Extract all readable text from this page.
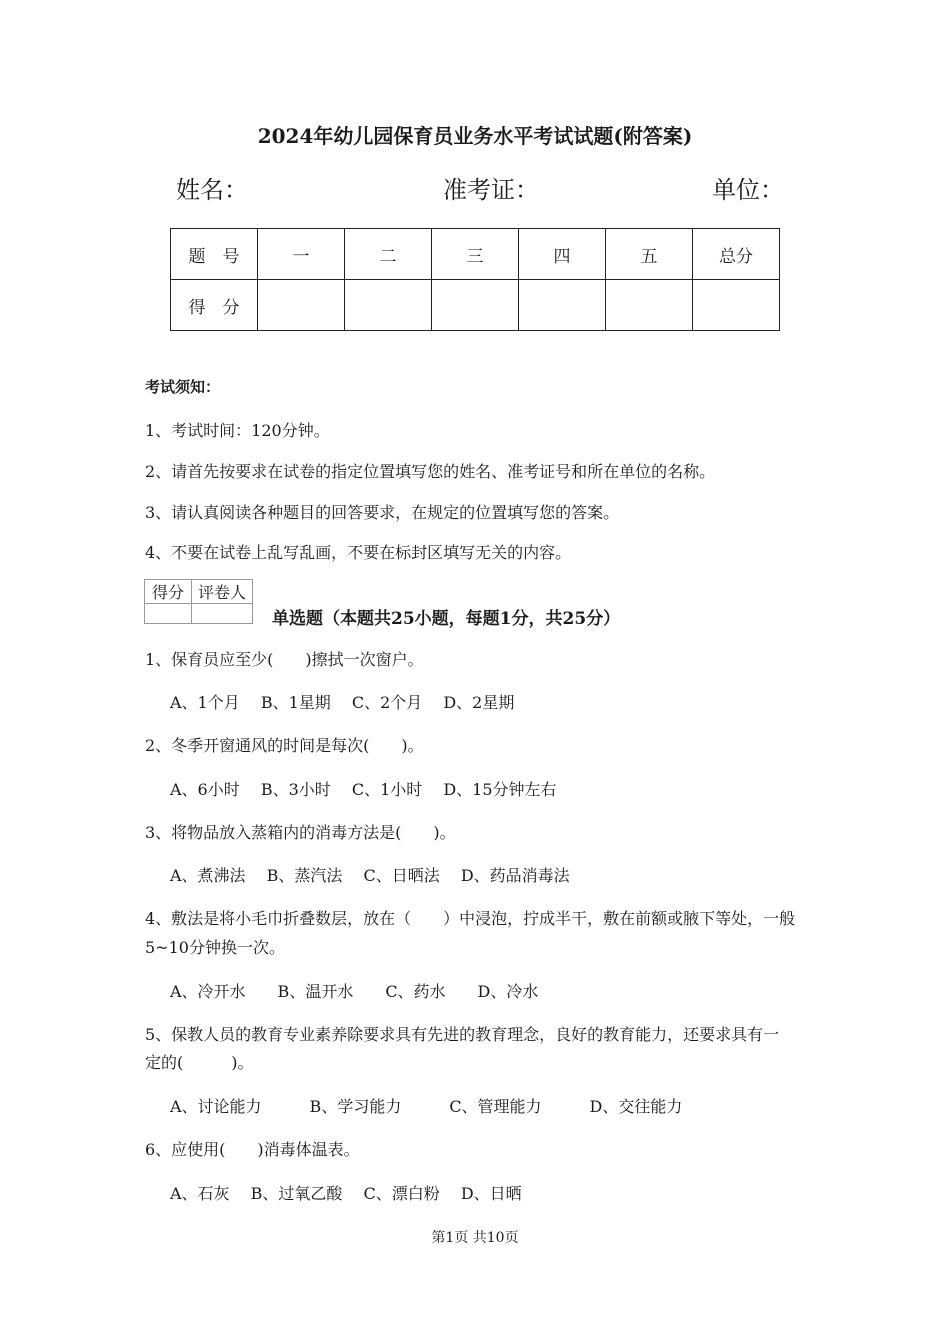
2024年幼儿园保育员业务水平考试试题(附答案)
姓名：	准考证：	单位：
题　号	一	二	三	四	五	总分
得　分						
考试须知：
1、考试时间：120分钟。
2、请首先按要求在试卷的指定位置填写您的姓名、准考证号和所在单位的名称。
3、请认真阅读各种题目的回答要求，在规定的位置填写您的答案。
4、不要在试卷上乱写乱画，不要在标封区填写无关的内容。
得分	评卷人

单选题（本题共25小题，每题1分，共25分）
1、保育员应至少(　　)擦拭一次窗户。
A、1个月　 B、1星期　 C、2个月　 D、2星期
2、冬季开窗通风的时间是每次(　　)。
A、6小时　 B、3小时　 C、1小时　 D、15分钟左右
3、将物品放入蒸箱内的消毒方法是(　　)。
A、煮沸法　 B、蒸汽法　 C、日晒法　 D、药品消毒法
4、敷法是将小毛巾折叠数层，放在（　　）中浸泡，拧成半干，敷在前额或腋下等处，一般
5~10分钟换一次。
A、冷开水　　B、温开水　　C、药水　　D、冷水
5、保教人员的教育专业素养除要求具有先进的教育理念，良好的教育能力，还要求具有一
定的(　　　)。
A、讨论能力　　　B、学习能力　　　C、管理能力　　　D、交往能力
6、应使用(　　)消毒体温表。
A、石灰　 B、过氧乙酸　 C、漂白粉　 D、日晒
第1页 共10页
